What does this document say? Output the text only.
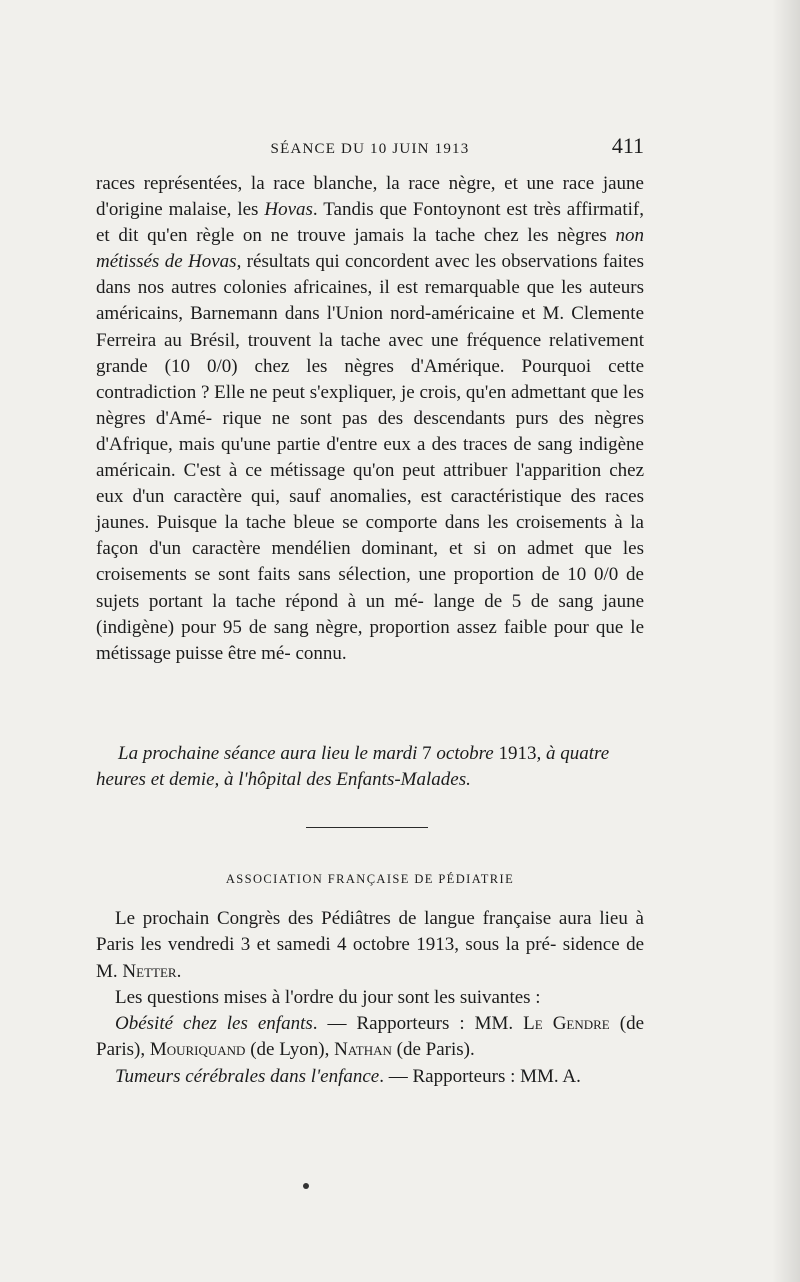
SÉANCE DU 10 JUIN 1913	411

races représentées, la race blanche, la race nègre, et une race jaune d'origine malaise, les Hovas. Tandis que Fontoynont est très affirmatif, et dit qu'en règle on ne trouve jamais la tache chez les nègres non métissés de Hovas, résultats qui concordent avec les observations faites dans nos autres colonies africaines, il est remarquable que les auteurs américains, Barnemann dans l'Union nord-américaine et M. Clemente Ferreira au Brésil, trouvent la tache avec une fréquence relativement grande (10 0/0) chez les nègres d'Amérique. Pourquoi cette contradiction ? Elle ne peut s'expliquer, je crois, qu'en admettant que les nègres d'Amé- rique ne sont pas des descendants purs des nègres d'Afrique, mais qu'une partie d'entre eux a des traces de sang indigène américain. C'est à ce métissage qu'on peut attribuer l'apparition chez eux d'un caractère qui, sauf anomalies, est caractéristique des races jaunes. Puisque la tache bleue se comporte dans les croisements à la façon d'un caractère mendélien dominant, et si on admet que les croisements se sont faits sans sélection, une proportion de 10 0/0 de sujets portant la tache répond à un mé- lange de 5 de sang jaune (indigène) pour 95 de sang nègre, proportion assez faible pour que le métissage puisse être mé- connu.

La prochaine séance aura lieu le mardi 7 octobre 1913, à quatre
heures et demie, à l'hôpital des Enfants-Malades.
ASSOCIATION FRANÇAISE DE PÉDIATRIE

Le prochain Congrès des Pédiâtres de langue française aura lieu à Paris les vendredi 3 et samedi 4 octobre 1913, sous la pré- sidence de M. Netter.

Les questions mises à l'ordre du jour sont les suivantes :

Obésité chez les enfants. — Rapporteurs : MM. Le Gendre (de Paris), Mouriquand (de Lyon), Nathan (de Paris).

Tumeurs cérébrales dans l'enfance. — Rapporteurs : MM. A.
